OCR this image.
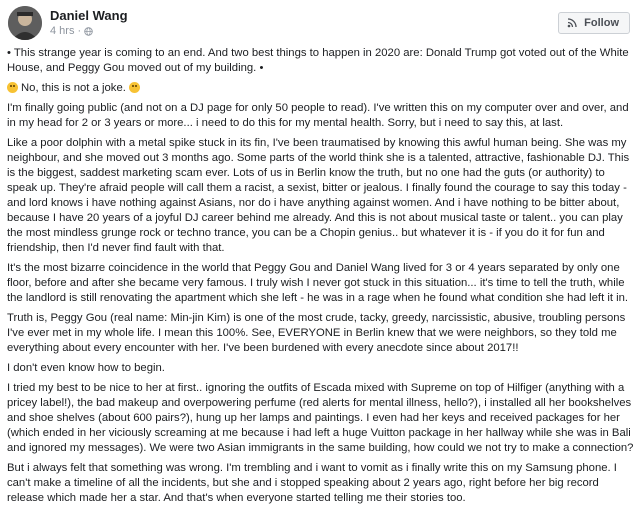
Daniel Wang
4 hrs ·
Follow

• This strange year is coming to an end. And two best things to happen in 2020 are: Donald Trump got voted out of the White House, and Peggy Gou moved out of my building. •

No, this is not a joke.

I'm finally going public (and not on a DJ page for only 50 people to read). I've written this on my computer over and over, and in my head for 2 or 3 years or more... i need to do this for my mental health. Sorry, but i need to say this, at last.

Like a poor dolphin with a metal spike stuck in its fin, I've been traumatised by knowing this awful human being. She was my neighbour, and she moved out 3 months ago. Some parts of the world think she is a talented, attractive, fashionable DJ. This is the biggest, saddest marketing scam ever. Lots of us in Berlin know the truth, but no one had the guts (or authority) to speak up. They're afraid people will call them a racist, a sexist, bitter or jealous. I finally found the courage to say this today - and lord knows i have nothing against Asians, nor do i have anything against women. And i have nothing to be bitter about, because I have 20 years of a joyful DJ career behind me already. And this is not about musical taste or talent.. you can play the most mindless grunge rock or techno trance, you can be a Chopin genius.. but whatever it is - if you do it for fun and friendship, then I'd never find fault with that.

It's the most bizarre coincidence in the world that Peggy Gou and Daniel Wang lived for 3 or 4 years separated by only one floor, before and after she became very famous. I truly wish I never got stuck in this situation... it's time to tell the truth, while the landlord is still renovating the apartment which she left - he was in a rage when he found what condition she had left it in.

Truth is, Peggy Gou (real name: Min-jin Kim) is one of the most crude, tacky, greedy, narcissistic, abusive, troubling persons I've ever met in my whole life. I mean this 100%. See, EVERYONE in Berlin knew that we were neighbors, so they told me everything about every encounter with her. I've been burdened with every anecdote since about 2017!!

I don't even know how to begin.

I tried my best to be nice to her at first.. ignoring the outfits of Escada mixed with Supreme on top of Hilfiger (anything with a pricey label!), the bad makeup and overpowering perfume (red alerts for mental illness, hello?), i installed all her bookshelves and shoe shelves (about 600 pairs?), hung up her lamps and paintings. I even had her keys and received packages for her (which ended in her viciously screaming at me because i had left a huge Vuitton package in her hallway while she was in Bali and ignored my messages). We were two Asian immigrants in the same building, how could we not try to make a connection?

But i always felt that something was wrong. I'm trembling and i want to vomit as i finally write this on my Samsung phone. I can't make a timeline of all the incidents, but she and i stopped speaking about 2 years ago, right before her big record release which made her a star. And that's when everyone started telling me their stories too.
